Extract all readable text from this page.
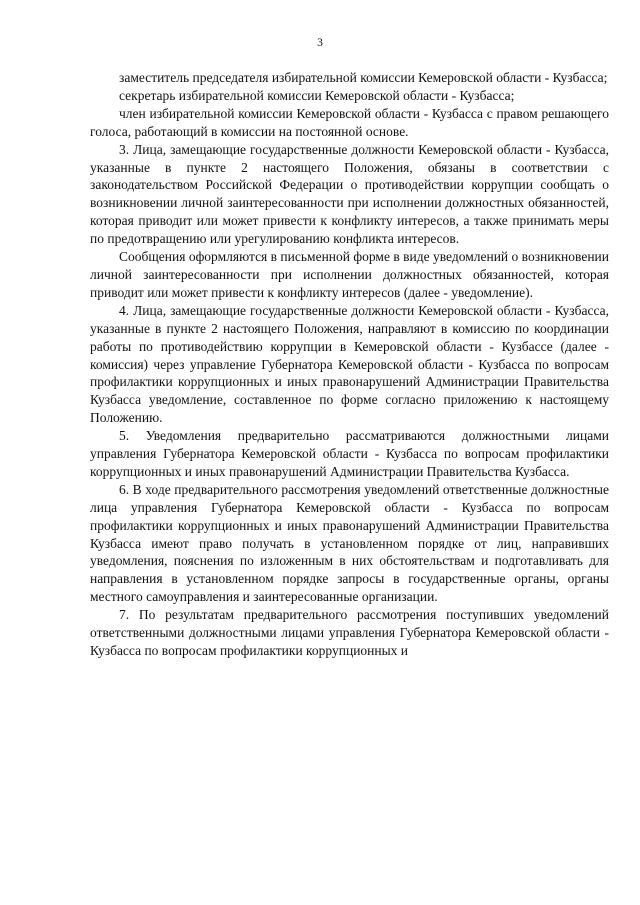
3

заместитель председателя избирательной комиссии Кемеровской области - Кузбасса;

секретарь избирательной комиссии Кемеровской области - Кузбасса;

член избирательной комиссии Кемеровской области - Кузбасса с правом решающего голоса, работающий в комиссии на постоянной основе.

3. Лица, замещающие государственные должности Кемеровской области - Кузбасса, указанные в пункте 2 настоящего Положения, обязаны в соответствии с законодательством Российской Федерации о противодействии коррупции сообщать о возникновении личной заинтересованности при исполнении должностных обязанностей, которая приводит или может привести к конфликту интересов, а также принимать меры по предотвращению или урегулированию конфликта интересов.

Сообщения оформляются в письменной форме в виде уведомлений о возникновении личной заинтересованности при исполнении должностных обязанностей, которая приводит или может привести к конфликту интересов (далее - уведомление).

4. Лица, замещающие государственные должности Кемеровской области - Кузбасса, указанные в пункте 2 настоящего Положения, направляют в комиссию по координации работы по противодействию коррупции в Кемеровской области - Кузбассе (далее - комиссия) через управление Губернатора Кемеровской области - Кузбасса по вопросам профилактики коррупционных и иных правонарушений Администрации Правительства Кузбасса уведомление, составленное по форме согласно приложению к настоящему Положению.

5. Уведомления предварительно рассматриваются должностными лицами управления Губернатора Кемеровской области - Кузбасса по вопросам профилактики коррупционных и иных правонарушений Администрации Правительства Кузбасса.

6. В ходе предварительного рассмотрения уведомлений ответственные должностные лица управления Губернатора Кемеровской области - Кузбасса по вопросам профилактики коррупционных и иных правонарушений Администрации Правительства Кузбасса имеют право получать в установленном порядке от лиц, направивших уведомления, пояснения по изложенным в них обстоятельствам и подготавливать для направления в установленном порядке запросы в государственные органы, органы местного самоуправления и заинтересованные организации.

7. По результатам предварительного рассмотрения поступивших уведомлений ответственными должностными лицами управления Губернатора Кемеровской области - Кузбасса по вопросам профилактики коррупционных и
